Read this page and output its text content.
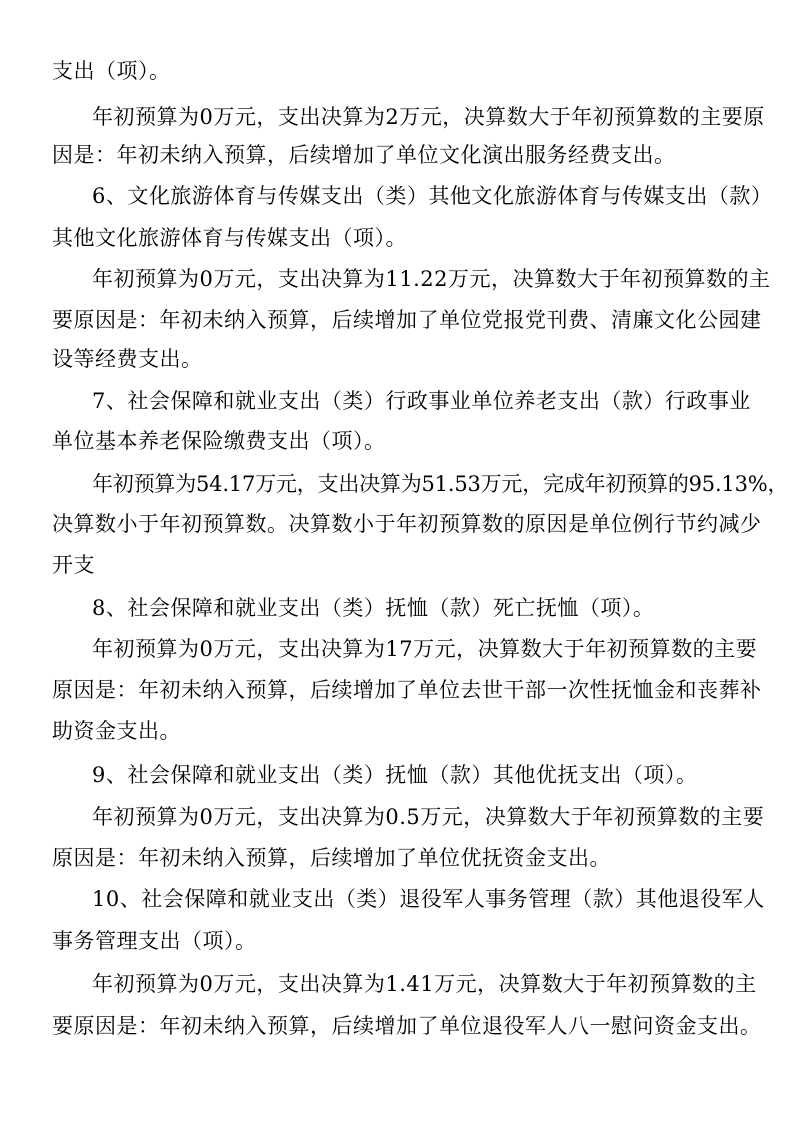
支出（项）。
年初预算为0万元，支出决算为2万元，决算数大于年初预算数的主要原
因是：年初未纳入预算，后续增加了单位文化演出服务经费支出。
6、文化旅游体育与传媒支出（类）其他文化旅游体育与传媒支出（款）
其他文化旅游体育与传媒支出（项）。
年初预算为0万元，支出决算为11.22万元，决算数大于年初预算数的主
要原因是：年初未纳入预算，后续增加了单位党报党刊费、清廉文化公园建
设等经费支出。
7、社会保障和就业支出（类）行政事业单位养老支出（款）行政事业
单位基本养老保险缴费支出（项）。
年初预算为54.17万元，支出决算为51.53万元，完成年初预算的95.13%，
决算数小于年初预算数。决算数小于年初预算数的原因是单位例行节约减少
开支
8、社会保障和就业支出（类）抚恤（款）死亡抚恤（项）。
年初预算为0万元，支出决算为17万元，决算数大于年初预算数的主要
原因是：年初未纳入预算，后续增加了单位去世干部一次性抚恤金和丧葬补
助资金支出。
9、社会保障和就业支出（类）抚恤（款）其他优抚支出（项）。
年初预算为0万元，支出决算为0.5万元，决算数大于年初预算数的主要
原因是：年初未纳入预算，后续增加了单位优抚资金支出。
10、社会保障和就业支出（类）退役军人事务管理（款）其他退役军人
事务管理支出（项）。
年初预算为0万元，支出决算为1.41万元，决算数大于年初预算数的主
要原因是：年初未纳入预算，后续增加了单位退役军人八一慰问资金支出。
